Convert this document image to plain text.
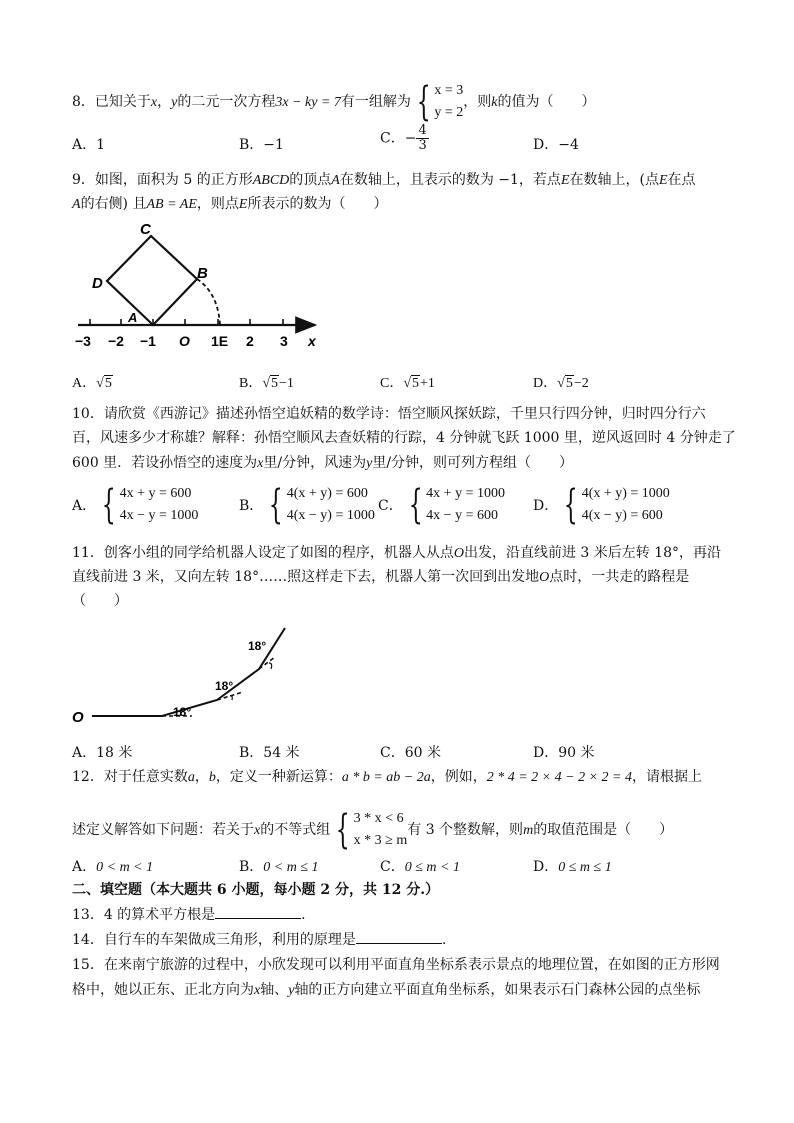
8．已知关于x，y的二元一次方程3x − ky = 7有一组解为 { x = 3
y = 2
，则k的值为（　　）
A．1	B．−1	C．− $\frac{4}{3}$	D．−4
9．如图，面积为 5 的正方形ABCD的顶点A在数轴上，且表示的数为 −1，若点E在数轴上，(点E在点
A的右侧) 且AB = AE，则点E所表示的数为（　　）
C
D
B
A
−3 −2 −1 O 1E 2 3 x
A．√5	B．√5−1	C．√5+1	D．√5−2
10．请欣赏《西游记》描述孙悟空追妖精的数学诗：悟空顺风探妖踪，千里只行四分钟，归时四分行六
百，风速多少才称雄？解释：孙悟空顺风去查妖精的行踪，4 分钟就飞跃 1000 里，逆风返回时 4 分钟走了
600 里．若设孙悟空的速度为x里/分钟，风速为y里/分钟，则可列方程组（　　）
A． { 4x + y = 600
4x − y = 1000
B． { 4(x + y) = 600
4(x − y) = 1000
C． { 4x + y = 1000
4x − y = 600
D． { 4(x + y) = 1000
4(x − y) = 600
11．创客小组的同学给机器人设定了如图的程序，机器人从点O出发，沿直线前进 3 米后左转 18°，再沿
直线前进 3 米，又向左转 18°……照这样走下去，机器人第一次回到出发地O点时，一共走的路程是
（　　）
O	18°
18°
18°
A．18 米	B．54 米	C．60 米	D．90 米
12．对于任意实数a，b，定义一种新运算：a * b = ab − 2a，例如，2 * 4 = 2 × 4 − 2 × 2 = 4，请根据上
述定义解答如下问题：若关于x的不等式组 { 3 * x < 6
x * 3 ≥ m
有 3 个整数解，则m的取值范围是（　　）
A．0 < m < 1	B．0 < m ≤ 1	C．0 ≤ m < 1	D．0 ≤ m ≤ 1
二、填空题（本大题共 6 小题，每小题 2 分，共 12 分.）
13．4 的算术平方根是	.
14．自行车的车架做成三角形，利用的原理是	.
15．在来南宁旅游的过程中，小欣发现可以利用平面直角坐标系表示景点的地理位置，在如图的正方形网
格中，她以正东、正北方向为x轴、y轴的正方向建立平面直角坐标系，如果表示石门森林公园的点坐标
